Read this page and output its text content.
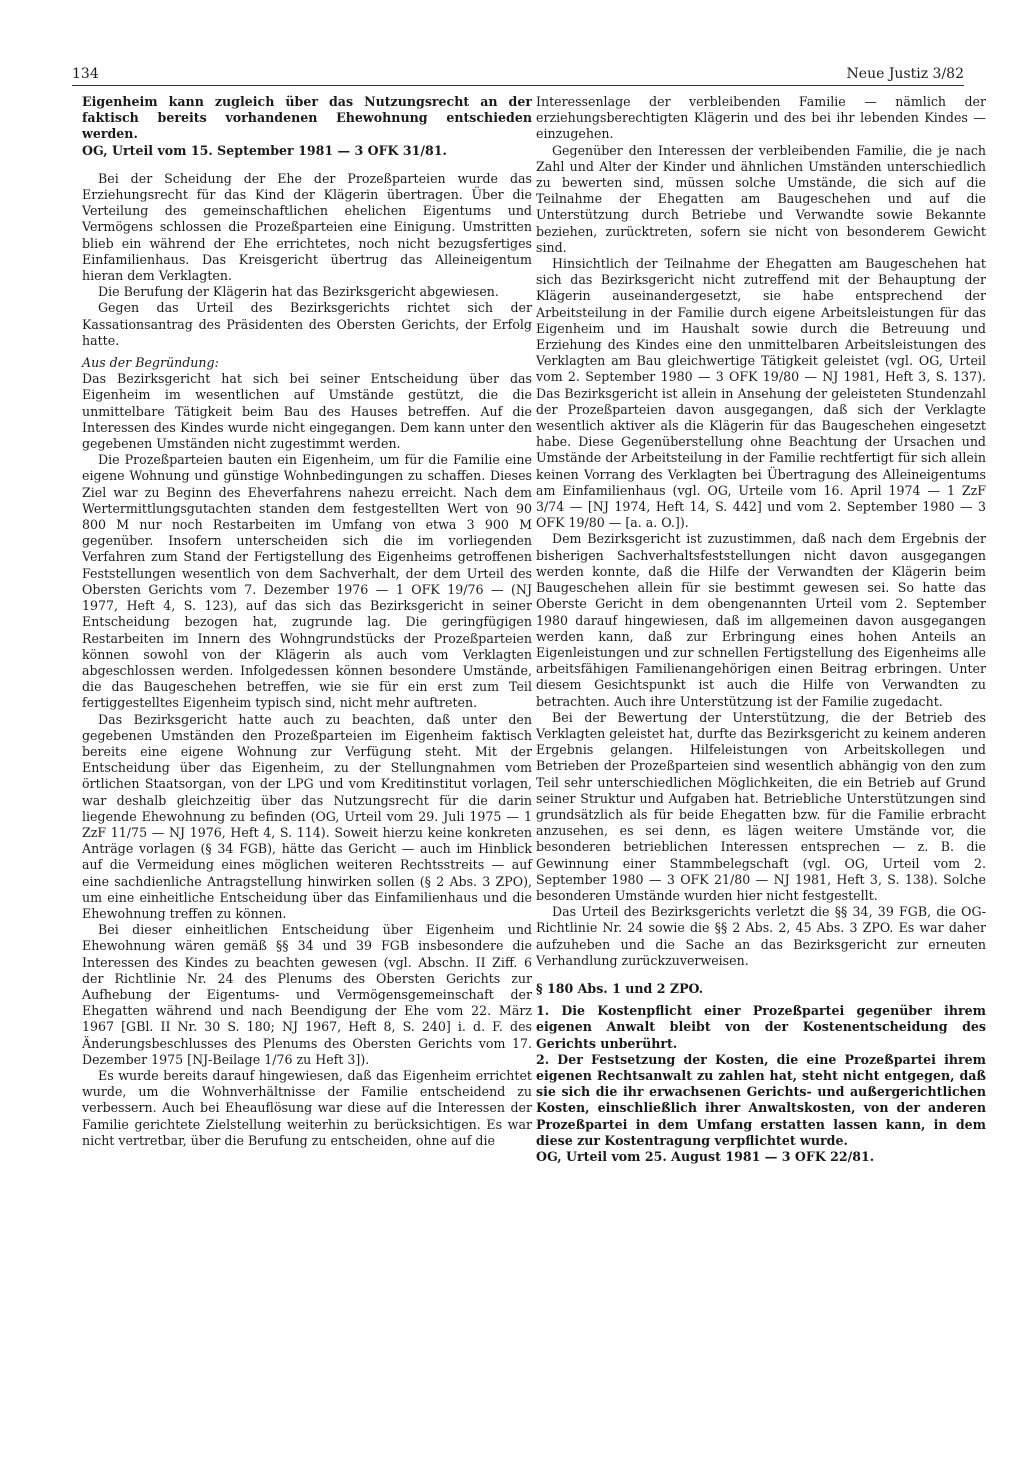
134	Neue Justiz 3/82

Eigenheim kann zugleich über das Nutzungsrecht an der faktisch bereits vorhandenen Ehewohnung entschieden werden.

OG, Urteil vom 15. September 1981 — 3 OFK 31/81.

Bei der Scheidung der Ehe der Prozeßparteien wurde das Erziehungsrecht für das Kind der Klägerin übertragen. Über die Verteilung des gemeinschaftlichen ehelichen Eigentums und Vermögens schlossen die Prozeßparteien eine Einigung. Umstritten blieb ein während der Ehe errichtetes, noch nicht bezugsfertiges Einfamilienhaus. Das Kreisgericht übertrug das Alleineigentum hieran dem Verklagten.

Die Berufung der Klägerin hat das Bezirksgericht abgewiesen.

Gegen das Urteil des Bezirksgerichts richtet sich der Kassationsantrag des Präsidenten des Obersten Gerichts, der Erfolg hatte.

Aus der Begründung:

Das Bezirksgericht hat sich bei seiner Entscheidung über das Eigenheim im wesentlichen auf Umstände gestützt, die die unmittelbare Tätigkeit beim Bau des Hauses betreffen. Auf die Interessen des Kindes wurde nicht eingegangen. Dem kann unter den gegebenen Umständen nicht zugestimmt werden.

Die Prozeßparteien bauten ein Eigenheim, um für die Familie eine eigene Wohnung und günstige Wohnbedingungen zu schaffen. Dieses Ziel war zu Beginn des Eheverfahrens nahezu erreicht. Nach dem Wertermittlungsgutachten standen dem festgestellten Wert von 90 800 M nur noch Restarbeiten im Umfang von etwa 3 900 M gegenüber. Insofern unterscheiden sich die im vorliegenden Verfahren zum Stand der Fertigstellung des Eigenheims getroffenen Feststellungen wesentlich von dem Sachverhalt, der dem Urteil des Obersten Gerichts vom 7. Dezember 1976 — 1 OFK 19/76 — (NJ 1977, Heft 4, S. 123), auf das sich das Bezirksgericht in seiner Entscheidung bezogen hat, zugrunde lag. Die geringfügigen Restarbeiten im Innern des Wohngrundstücks der Prozeßparteien können sowohl von der Klägerin als auch vom Verklagten abgeschlossen werden. Infolgedessen können besondere Umstände, die das Baugeschehen betreffen, wie sie für ein erst zum Teil fertiggestelltes Eigenheim typisch sind, nicht mehr auftreten.

Das Bezirksgericht hatte auch zu beachten, daß unter den gegebenen Umständen den Prozeßparteien im Eigenheim faktisch bereits eine eigene Wohnung zur Verfügung steht. Mit der Entscheidung über das Eigenheim, zu der Stellungnahmen vom örtlichen Staatsorgan, von der LPG und vom Kreditinstitut vorlagen, war deshalb gleichzeitig über das Nutzungsrecht für die darin liegende Ehewohnung zu befinden (OG, Urteil vom 29. Juli 1975 — 1 ZzF 11/75 — NJ 1976, Heft 4, S. 114). Soweit hierzu keine konkreten Anträge vorlagen (§ 34 FGB), hätte das Gericht — auch im Hinblick auf die Vermeidung eines möglichen weiteren Rechtsstreits — auf eine sachdienliche Antragstellung hinwirken sollen (§ 2 Abs. 3 ZPO), um eine einheitliche Entscheidung über das Einfamilienhaus und die Ehewohnung treffen zu können.

Bei dieser einheitlichen Entscheidung über Eigenheim und Ehewohnung wären gemäß §§ 34 und 39 FGB insbesondere die Interessen des Kindes zu beachten gewesen (vgl. Abschn. II Ziff. 6 der Richtlinie Nr. 24 des Plenums des Obersten Gerichts zur Aufhebung der Eigentums- und Vermögensgemeinschaft der Ehegatten während und nach Beendigung der Ehe vom 22. März 1967 [GBl. II Nr. 30 S. 180; NJ 1967, Heft 8, S. 240] i. d. F. des Änderungsbeschlusses des Plenums des Obersten Gerichts vom 17. Dezember 1975 [NJ-Beilage 1/76 zu Heft 3]).

Es wurde bereits darauf hingewiesen, daß das Eigenheim errichtet wurde, um die Wohnverhältnisse der Familie entscheidend zu verbessern. Auch bei Eheauflösung war diese auf die Interessen der Familie gerichtete Zielstellung weiterhin zu berücksichtigen. Es war nicht vertretbar, über die Berufung zu entscheiden, ohne auf die

Interessenlage der verbleibenden Familie — nämlich der erziehungsberechtigten Klägerin und des bei ihr lebenden Kindes — einzugehen.

Gegenüber den Interessen der verbleibenden Familie, die je nach Zahl und Alter der Kinder und ähnlichen Umständen unterschiedlich zu bewerten sind, müssen solche Umstände, die sich auf die Teilnahme der Ehegatten am Baugeschehen und auf die Unterstützung durch Betriebe und Verwandte sowie Bekannte beziehen, zurücktreten, sofern sie nicht von besonderem Gewicht sind.

Hinsichtlich der Teilnahme der Ehegatten am Baugeschehen hat sich das Bezirksgericht nicht zutreffend mit der Behauptung der Klägerin auseinandergesetzt, sie habe entsprechend der Arbeitsteilung in der Familie durch eigene Arbeitsleistungen für das Eigenheim und im Haushalt sowie durch die Betreuung und Erziehung des Kindes eine den unmittelbaren Arbeitsleistungen des Verklagten am Bau gleichwertige Tätigkeit geleistet (vgl. OG, Urteil vom 2. September 1980 — 3 OFK 19/80 — NJ 1981, Heft 3, S. 137). Das Bezirksgericht ist allein in Ansehung der geleisteten Stundenzahl der Prozeßparteien davon ausgegangen, daß sich der Verklagte wesentlich aktiver als die Klägerin für das Baugeschehen eingesetzt habe. Diese Gegenüberstellung ohne Beachtung der Ursachen und Umstände der Arbeitsteilung in der Familie rechtfertigt für sich allein keinen Vorrang des Verklagten bei Übertragung des Alleineigentums am Einfamilienhaus (vgl. OG, Urteile vom 16. April 1974 — 1 ZzF 3/74 — [NJ 1974, Heft 14, S. 442] und vom 2. September 1980 — 3 OFK 19/80 — [a. a. O.]).

Dem Bezirksgericht ist zuzustimmen, daß nach dem Ergebnis der bisherigen Sachverhaltsfeststellungen nicht davon ausgegangen werden konnte, daß die Hilfe der Verwandten der Klägerin beim Baugeschehen allein für sie bestimmt gewesen sei. So hatte das Oberste Gericht in dem obengenannten Urteil vom 2. September 1980 darauf hingewiesen, daß im allgemeinen davon ausgegangen werden kann, daß zur Erbringung eines hohen Anteils an Eigenleistungen und zur schnellen Fertigstellung des Eigenheims alle arbeitsfähigen Familienangehörigen einen Beitrag erbringen. Unter diesem Gesichtspunkt ist auch die Hilfe von Verwandten zu betrachten. Auch ihre Unterstützung ist der Familie zugedacht.

Bei der Bewertung der Unterstützung, die der Betrieb des Verklagten geleistet hat, durfte das Bezirksgericht zu keinem anderen Ergebnis gelangen. Hilfeleistungen von Arbeitskollegen und Betrieben der Prozeßparteien sind wesentlich abhängig von den zum Teil sehr unterschiedlichen Möglichkeiten, die ein Betrieb auf Grund seiner Struktur und Aufgaben hat. Betriebliche Unterstützungen sind grundsätzlich als für beide Ehegatten bzw. für die Familie erbracht anzusehen, es sei denn, es lägen weitere Umstände vor, die besonderen betrieblichen Interessen entsprechen — z. B. die Gewinnung einer Stammbelegschaft (vgl. OG, Urteil vom 2. September 1980 — 3 OFK 21/80 — NJ 1981, Heft 3, S. 138). Solche besonderen Umstände wurden hier nicht festgestellt.

Das Urteil des Bezirksgerichts verletzt die §§ 34, 39 FGB, die OG-Richtlinie Nr. 24 sowie die §§ 2 Abs. 2, 45 Abs. 3 ZPO. Es war daher aufzuheben und die Sache an das Bezirksgericht zur erneuten Verhandlung zurückzuverweisen.

§ 180 Abs. 1 und 2 ZPO.

1. Die Kostenpflicht einer Prozeßpartei gegenüber ihrem eigenen Anwalt bleibt von der Kostenentscheidung des Gerichts unberührt.

2. Der Festsetzung der Kosten, die eine Prozeßpartei ihrem eigenen Rechtsanwalt zu zahlen hat, steht nicht entgegen, daß sie sich die ihr erwachsenen Gerichts- und außergerichtlichen Kosten, einschließlich ihrer Anwaltskosten, von der anderen Prozeßpartei in dem Umfang erstatten lassen kann, in dem diese zur Kostentragung verpflichtet wurde.

OG, Urteil vom 25. August 1981 — 3 OFK 22/81.
